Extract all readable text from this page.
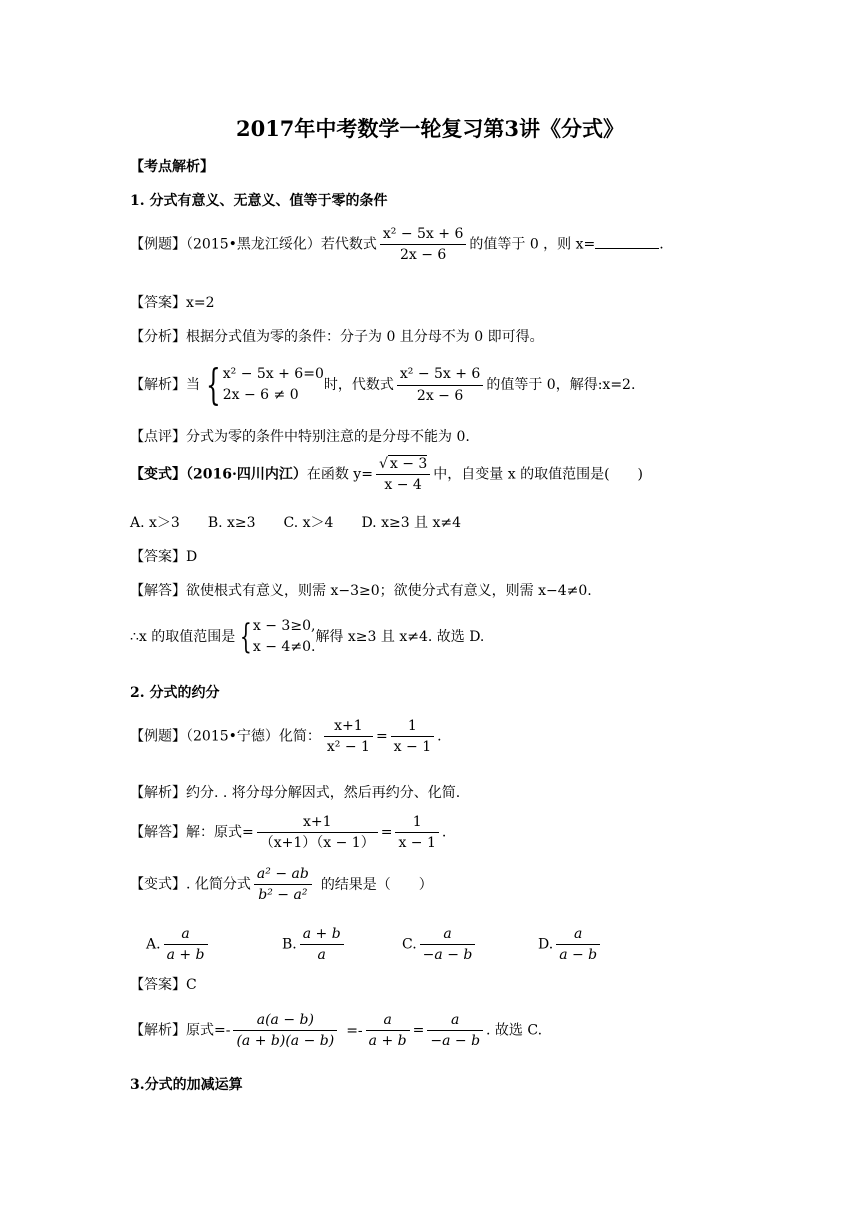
2017年中考数学一轮复习第3讲《分式》
【考点解析】
1. 分式有意义、无意义、值等于零的条件
【例题】（2015•黑龙江绥化）若代数式 $\frac{\text{x² − 5x + 6}}{2x - 6}$ 的值等于 0 ，则 x=	.
【答案】x=2
【分析】根据分式值为零的条件：分子为 0 且分母不为 0 即可得。
【解析】当 { x² − 5x + 6=0
2x − 6 ≠ 0
时，代数式 $\frac{\text{x² − 5x + 6}}{2x - 6}$ 的值等于 0，解得:x=2.
【点评】分式为零的条件中特别注意的是分母不能为 0.
【变式】（2016·四川内江）在函数 $y= \frac{√ x - 3}{x - 4}$ 中，自变量 x 的取值范围是(　　)
A. x＞3　　B. x≥3　　C. x＞4　　D. x≥3 且 x≠4
【答案】D
【解答】欲使根式有意义，则需 x−3≥0；欲使分式有意义，则需 x−4≠0.
∴x 的取值范围是 { x − 3≥0,
x − 4≠0.
解得 x≥3 且 x≠4. 故选 D.
2. 分式的约分
【例题】（2015•宁德）化简： $\frac{x+1}{\text{x² − 1}} = \frac{1}{x - 1}$ .
【解析】约分. . 将分母分解因式，然后再约分、化简.
【解答】解：原式= $\frac{x+1}{(x+1)(x - 1)} = \frac{1}{x - 1}$ .
【变式】. 化简分式 $\frac{\text{a² − ab}}{\text{b² − a²}}$ 的结果是（　　）
A. $\frac{a}{a + b}$	B. $\frac{a + b}{a}$	C. $\frac{a}{-a - b}$	D. $\frac{a}{a - b}$
【答案】C
【解析】原式=- $\frac{a(a - b)}{(a + b)(a - b)} =- \frac{a}{a + b} = \frac{a}{-a - b}$ . 故选 C.
3.分式的加减运算
